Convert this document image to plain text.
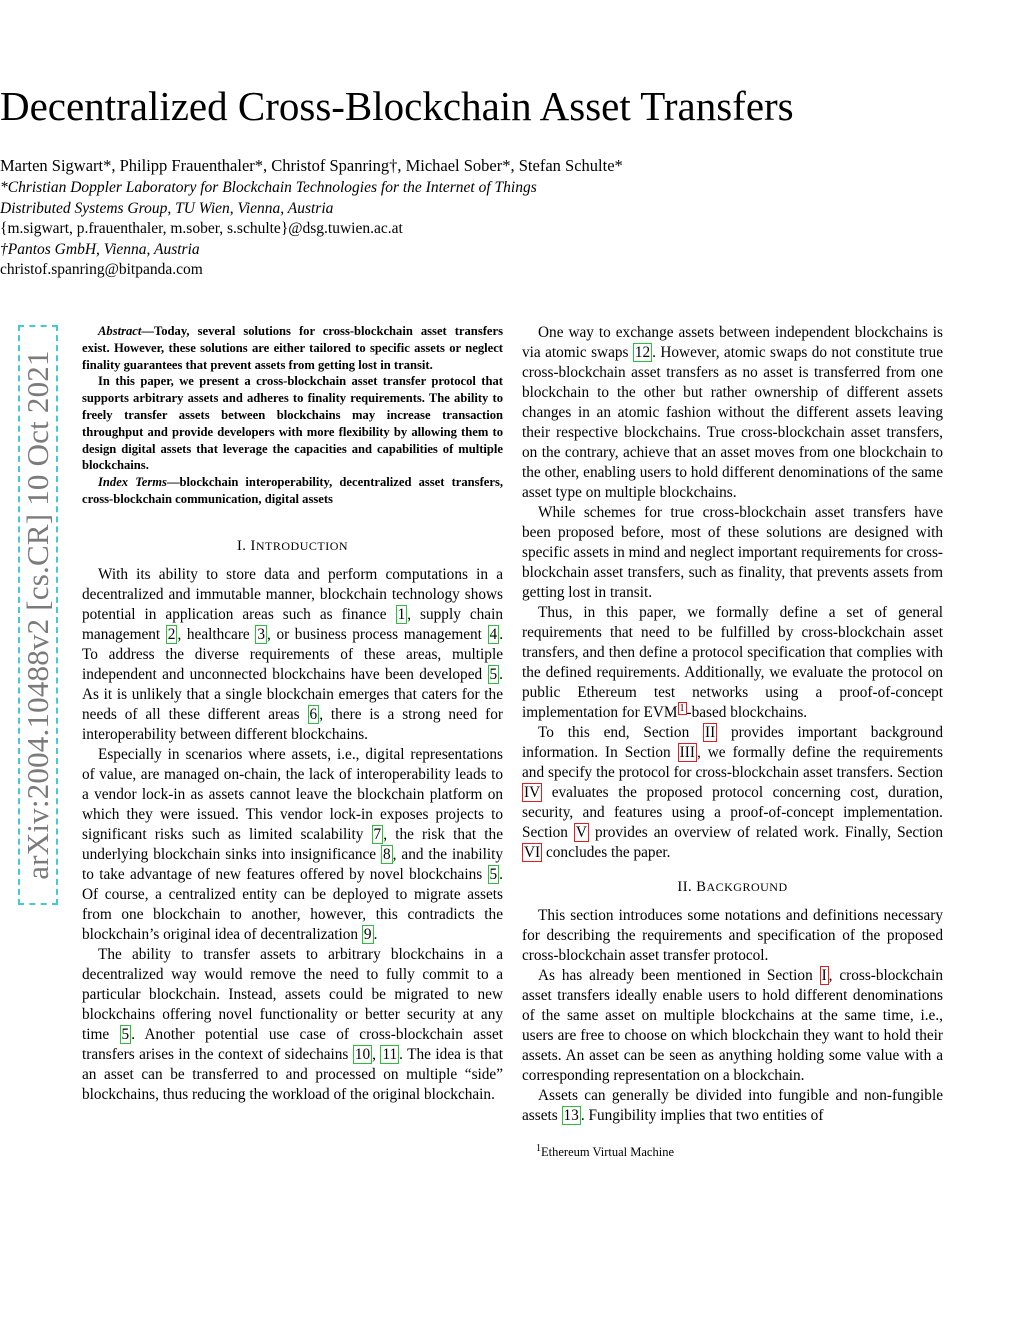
arXiv:2004.10488v2 [cs.CR] 10 Oct 2021
Decentralized Cross-Blockchain Asset Transfers
Marten Sigwart*, Philipp Frauenthaler*, Christof Spanring†, Michael Sober*, Stefan Schulte*
*Christian Doppler Laboratory for Blockchain Technologies for the Internet of Things
Distributed Systems Group, TU Wien, Vienna, Austria
{m.sigwart, p.frauenthaler, m.sober, s.schulte}@dsg.tuwien.ac.at
†Pantos GmbH, Vienna, Austria
christof.spanring@bitpanda.com

Abstract—Today, several solutions for cross-blockchain asset transfers exist. However, these solutions are either tailored to specific assets or neglect finality guarantees that prevent assets from getting lost in transit.

In this paper, we present a cross-blockchain asset transfer protocol that supports arbitrary assets and adheres to finality requirements. The ability to freely transfer assets between blockchains may increase transaction throughput and provide developers with more flexibility by allowing them to design digital assets that leverage the capacities and capabilities of multiple blockchains.

Index Terms—blockchain interoperability, decentralized asset transfers, cross-blockchain communication, digital assets

I. INTRODUCTION

With its ability to store data and perform computations in a decentralized and immutable manner, blockchain technology shows potential in application areas such as finance 1 , supply chain management 2 , healthcare 3 , or business process management 4 . To address the diverse requirements of these areas, multiple independent and unconnected blockchains have been developed 5 . As it is unlikely that a single blockchain emerges that caters for the needs of all these different areas 6 , there is a strong need for interoperability between different blockchains.

Especially in scenarios where assets, i.e., digital representations of value, are managed on-chain, the lack of interoperability leads to a vendor lock-in as assets cannot leave the blockchain platform on which they were issued. This vendor lock-in exposes projects to significant risks such as limited scalability 7 , the risk that the underlying blockchain sinks into insignificance 8 , and the inability to take advantage of new features offered by novel blockchains 5 . Of course, a centralized entity can be deployed to migrate assets from one blockchain to another, however, this contradicts the blockchain’s original idea of decentralization 9 .

The ability to transfer assets to arbitrary blockchains in a decentralized way would remove the need to fully commit to a particular blockchain. Instead, assets could be migrated to new blockchains offering novel functionality or better security at any time 5 . Another potential use case of cross-blockchain asset transfers arises in the context of sidechains 10 , 11 . The idea is that an asset can be transferred to and processed on multiple “side” blockchains, thus reducing the workload of the original blockchain.

One way to exchange assets between independent blockchains is via atomic swaps 12 . However, atomic swaps do not constitute true cross-blockchain asset transfers as no asset is transferred from one blockchain to the other but rather ownership of different assets changes in an atomic fashion without the different assets leaving their respective blockchains. True cross-blockchain asset transfers, on the contrary, achieve that an asset moves from one blockchain to the other, enabling users to hold different denominations of the same asset type on multiple blockchains.

While schemes for true cross-blockchain asset transfers have been proposed before, most of these solutions are designed with specific assets in mind and neglect important requirements for cross-blockchain asset transfers, such as finality, that prevents assets from getting lost in transit.

Thus, in this paper, we formally define a set of general requirements that need to be fulfilled by cross-blockchain asset transfers, and then define a protocol specification that complies with the defined requirements. Additionally, we evaluate the protocol on public Ethereum test networks using a proof-of-concept implementation for EVM $^1$ -based blockchains.

To this end, Section II provides important background information. In Section III , we formally define the requirements and specify the protocol for cross-blockchain asset transfers. Section IV evaluates the proposed protocol concerning cost, duration, security, and features using a proof-of-concept implementation. Section V provides an overview of related work. Finally, Section VI concludes the paper.

II. BACKGROUND

This section introduces some notations and definitions necessary for describing the requirements and specification of the proposed cross-blockchain asset transfer protocol.

As has already been mentioned in Section I , cross-blockchain asset transfers ideally enable users to hold different denominations of the same asset on multiple blockchains at the same time, i.e., users are free to choose on which blockchain they want to hold their assets. An asset can be seen as anything holding some value with a corresponding representation on a blockchain.

Assets can generally be divided into fungible and non-fungible assets 13 . Fungibility implies that two entities of

$^1$Ethereum Virtual Machine
